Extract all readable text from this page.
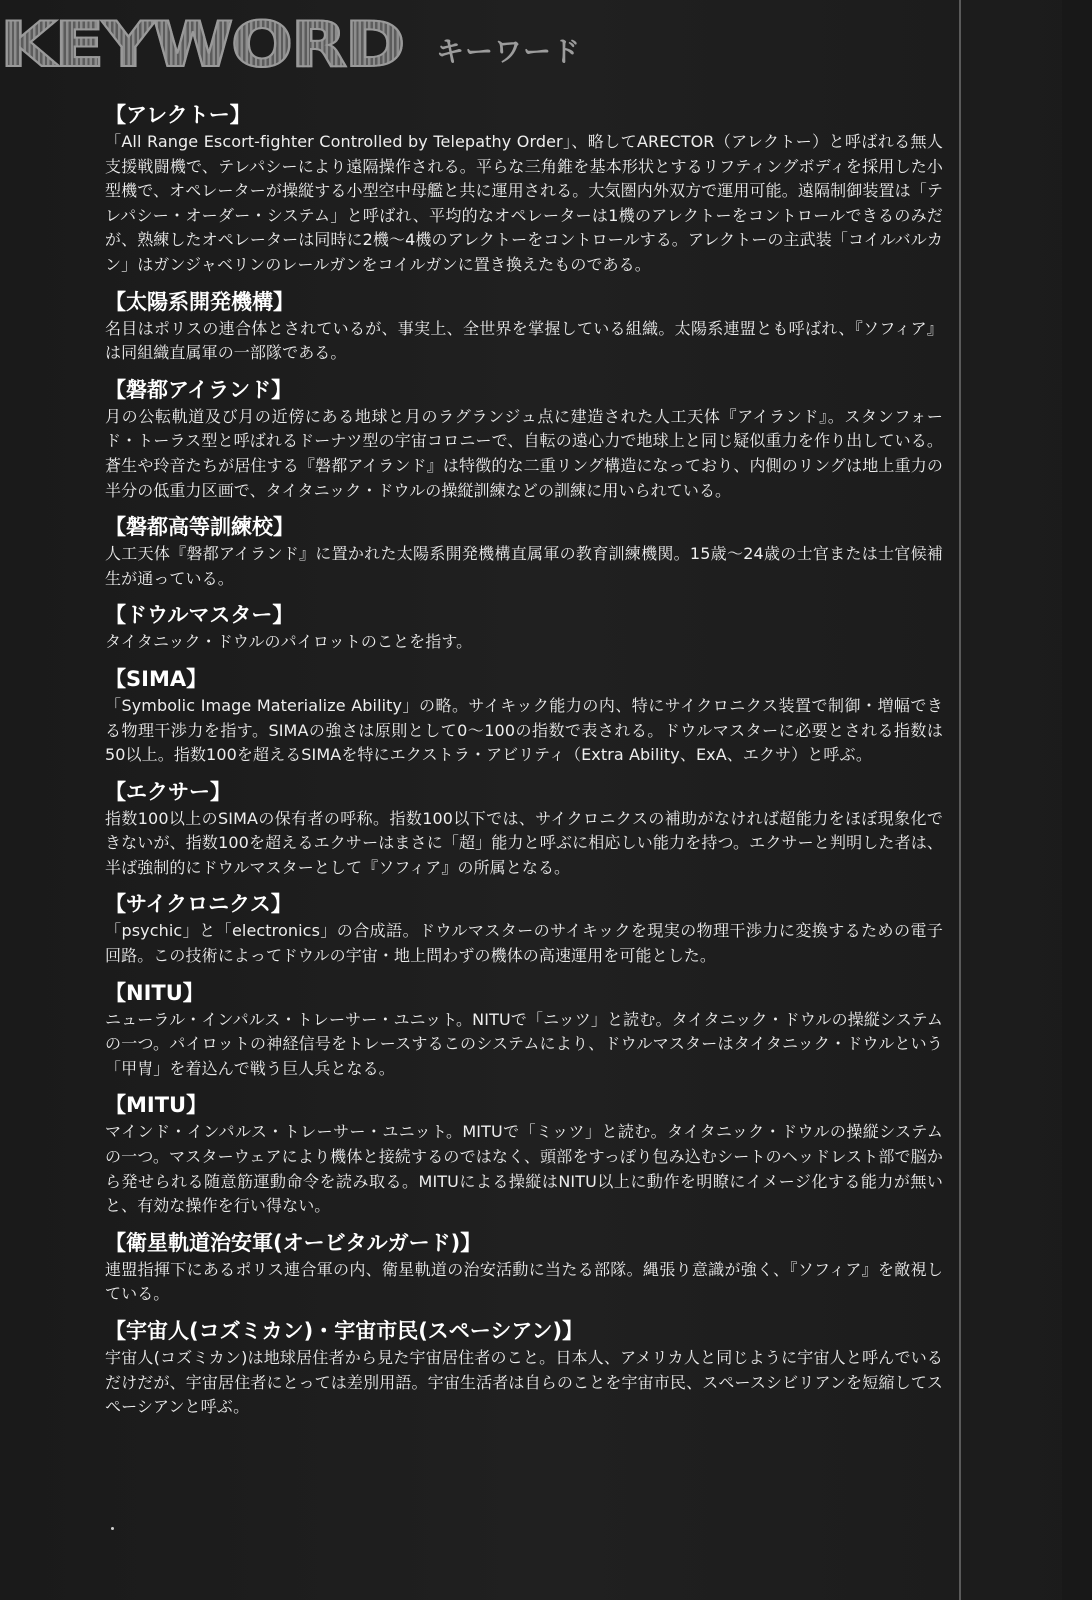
KEYWORD キーワード

【アレクトー】

「All Range Escort-fighter Controlled by Telepathy Order」、略してARECTOR（アレクトー）と呼ばれる無人支援戦闘機で、テレパシーにより遠隔操作される。平らな三角錐を基本形状とするリフティングボディを採用した小型機で、オペレーターが操縦する小型空中母艦と共に運用される。大気圏内外双方で運用可能。遠隔制御装置は「テレパシー・オーダー・システム」と呼ばれ、平均的なオペレーターは1機のアレクトーをコントロールできるのみだが、熟練したオペレーターは同時に2機～4機のアレクトーをコントロールする。アレクトーの主武装「コイルバルカン」はガンジャベリンのレールガンをコイルガンに置き換えたものである。

【太陽系開発機構】

名目はポリスの連合体とされているが、事実上、全世界を掌握している組織。太陽系連盟とも呼ばれ、『ソフィア』は同組織直属軍の一部隊である。

【磐都アイランド】

月の公転軌道及び月の近傍にある地球と月のラグランジュ点に建造された人工天体『アイランド』。スタンフォード・トーラス型と呼ばれるドーナツ型の宇宙コロニーで、自転の遠心力で地球上と同じ疑似重力を作り出している。蒼生や玲音たちが居住する『磐都アイランド』は特徴的な二重リング構造になっており、内側のリングは地上重力の半分の低重力区画で、タイタニック・ドウルの操縦訓練などの訓練に用いられている。

【磐都高等訓練校】

人工天体『磐都アイランド』に置かれた太陽系開発機構直属軍の教育訓練機関。15歳～24歳の士官または士官候補生が通っている。

【ドウルマスター】

タイタニック・ドウルのパイロットのことを指す。

【SIMA】

「Symbolic Image Materialize Ability」の略。サイキック能力の内、特にサイクロニクス装置で制御・増幅できる物理干渉力を指す。SIMAの強さは原則として0～100の指数で表される。ドウルマスターに必要とされる指数は50以上。指数100を超えるSIMAを特にエクストラ・アビリティ（Extra Ability、ExA、エクサ）と呼ぶ。

【エクサー】

指数100以上のSIMAの保有者の呼称。指数100以下では、サイクロニクスの補助がなければ超能力をほぼ現象化できないが、指数100を超えるエクサーはまさに「超」能力と呼ぶに相応しい能力を持つ。エクサーと判明した者は、半ば強制的にドウルマスターとして『ソフィア』の所属となる。

【サイクロニクス】

「psychic」と「electronics」の合成語。ドウルマスターのサイキックを現実の物理干渉力に変換するための電子回路。この技術によってドウルの宇宙・地上問わずの機体の高速運用を可能とした。

【NITU】

ニューラル・インパルス・トレーサー・ユニット。NITUで「ニッツ」と読む。タイタニック・ドウルの操縦システムの一つ。パイロットの神経信号をトレースするこのシステムにより、ドウルマスターはタイタニック・ドウルという「甲冑」を着込んで戦う巨人兵となる。

【MITU】

マインド・インパルス・トレーサー・ユニット。MITUで「ミッツ」と読む。タイタニック・ドウルの操縦システムの一つ。マスターウェアにより機体と接続するのではなく、頭部をすっぽり包み込むシートのヘッドレスト部で脳から発せられる随意筋運動命令を読み取る。MITUによる操縦はNITU以上に動作を明瞭にイメージ化する能力が無いと、有効な操作を行い得ない。

【衛星軌道治安軍(オービタルガード)】

連盟指揮下にあるポリス連合軍の内、衛星軌道の治安活動に当たる部隊。縄張り意識が強く、『ソフィア』を敵視している。

【宇宙人(コズミカン)・宇宙市民(スペーシアン)】

宇宙人(コズミカン)は地球居住者から見た宇宙居住者のこと。日本人、アメリカ人と同じように宇宙人と呼んでいるだけだが、宇宙居住者にとっては差別用語。宇宙生活者は自らのことを宇宙市民、スペースシビリアンを短縮してスペーシアンと呼ぶ。
